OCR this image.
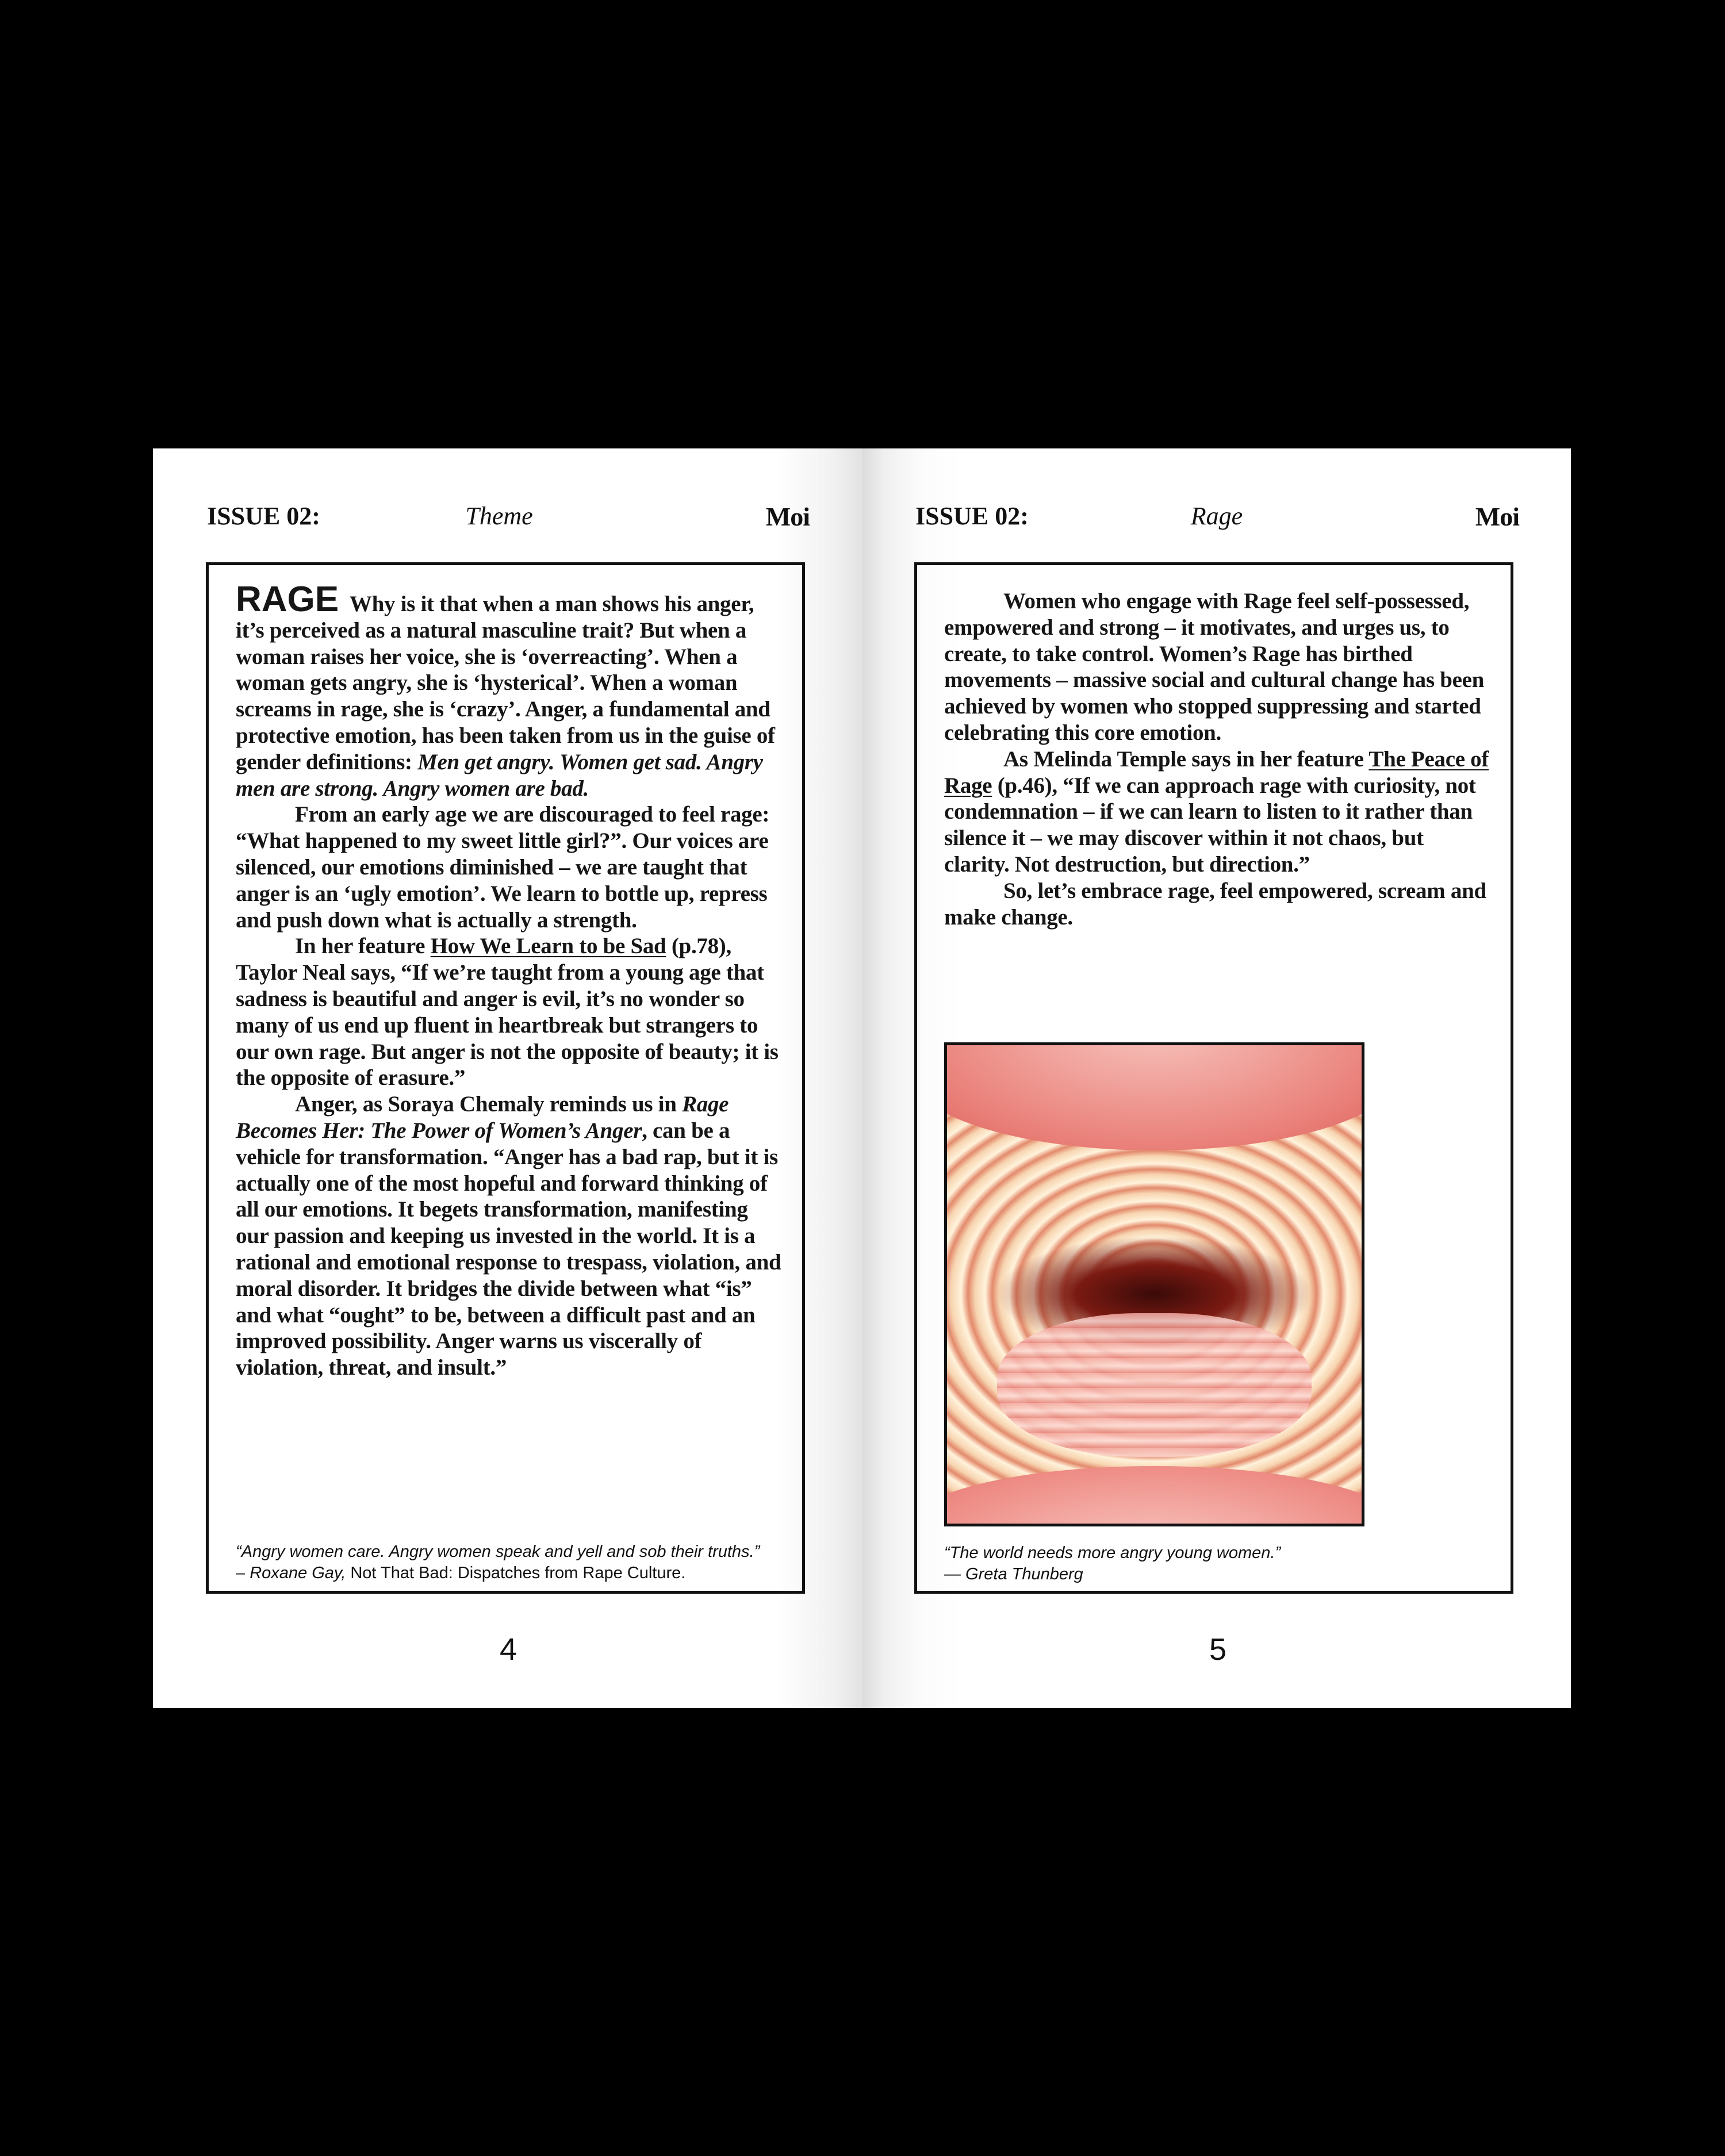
ISSUE 02:	Theme	Moi

RAGE Why is it that when a man shows his anger, it’s perceived as a natural masculine trait? But when a woman raises her voice, she is ‘overreacting’. When a woman gets angry, she is ‘hysterical’. When a woman screams in rage, she is ‘crazy’. Anger, a fundamental and protective emotion, has been taken from us in the guise of gender definitions: Men get angry. Women get sad. Angry men are strong. Angry women are bad.

From an early age we are discouraged to feel rage: “What happened to my sweet little girl?”. Our voices are silenced, our emotions diminished – we are taught that anger is an ‘ugly emotion’. We learn to bottle up, repress and push down what is actually a strength.

In her feature How We Learn to be Sad (p.78), Taylor Neal says, “If we’re taught from a young age that sadness is beautiful and anger is evil, it’s no wonder so many of us end up fluent in heartbreak but strangers to our own rage. But anger is not the opposite of beauty; it is the opposite of erasure.”

Anger, as Soraya Chemaly reminds us in Rage Becomes Her: The Power of Women’s Anger, can be a vehicle for transformation. “Anger has a bad rap, but it is actually one of the most hopeful and forward thinking of all our emotions. It begets transformation, manifesting our passion and keeping us invested in the world. It is a rational and emotional response to trespass, violation, and moral disorder. It bridges the divide between what “is” and what “ought” to be, between a difficult past and an improved possibility. Anger warns us viscerally of violation, threat, and insult.”

“Angry women care. Angry women speak and yell and sob their truths.”
– Roxane Gay, Not That Bad: Dispatches from Rape Culture.
4
ISSUE 02:	Rage	Moi

Women who engage with Rage feel self-possessed, empowered and strong – it motivates, and urges us, to create, to take control. Women’s Rage has birthed movements – massive social and cultural change has been achieved by women who stopped suppressing and started celebrating this core emotion.

As Melinda Temple says in her feature The Peace of Rage (p.46), “If we can approach rage with curiosity, not condemnation – if we can learn to listen to it rather than silence it – we may discover within it not chaos, but clarity. Not destruction, but direction.”

So, let’s embrace rage, feel empowered, scream and make change.

“The world needs more angry young women.”
— Greta Thunberg
5
